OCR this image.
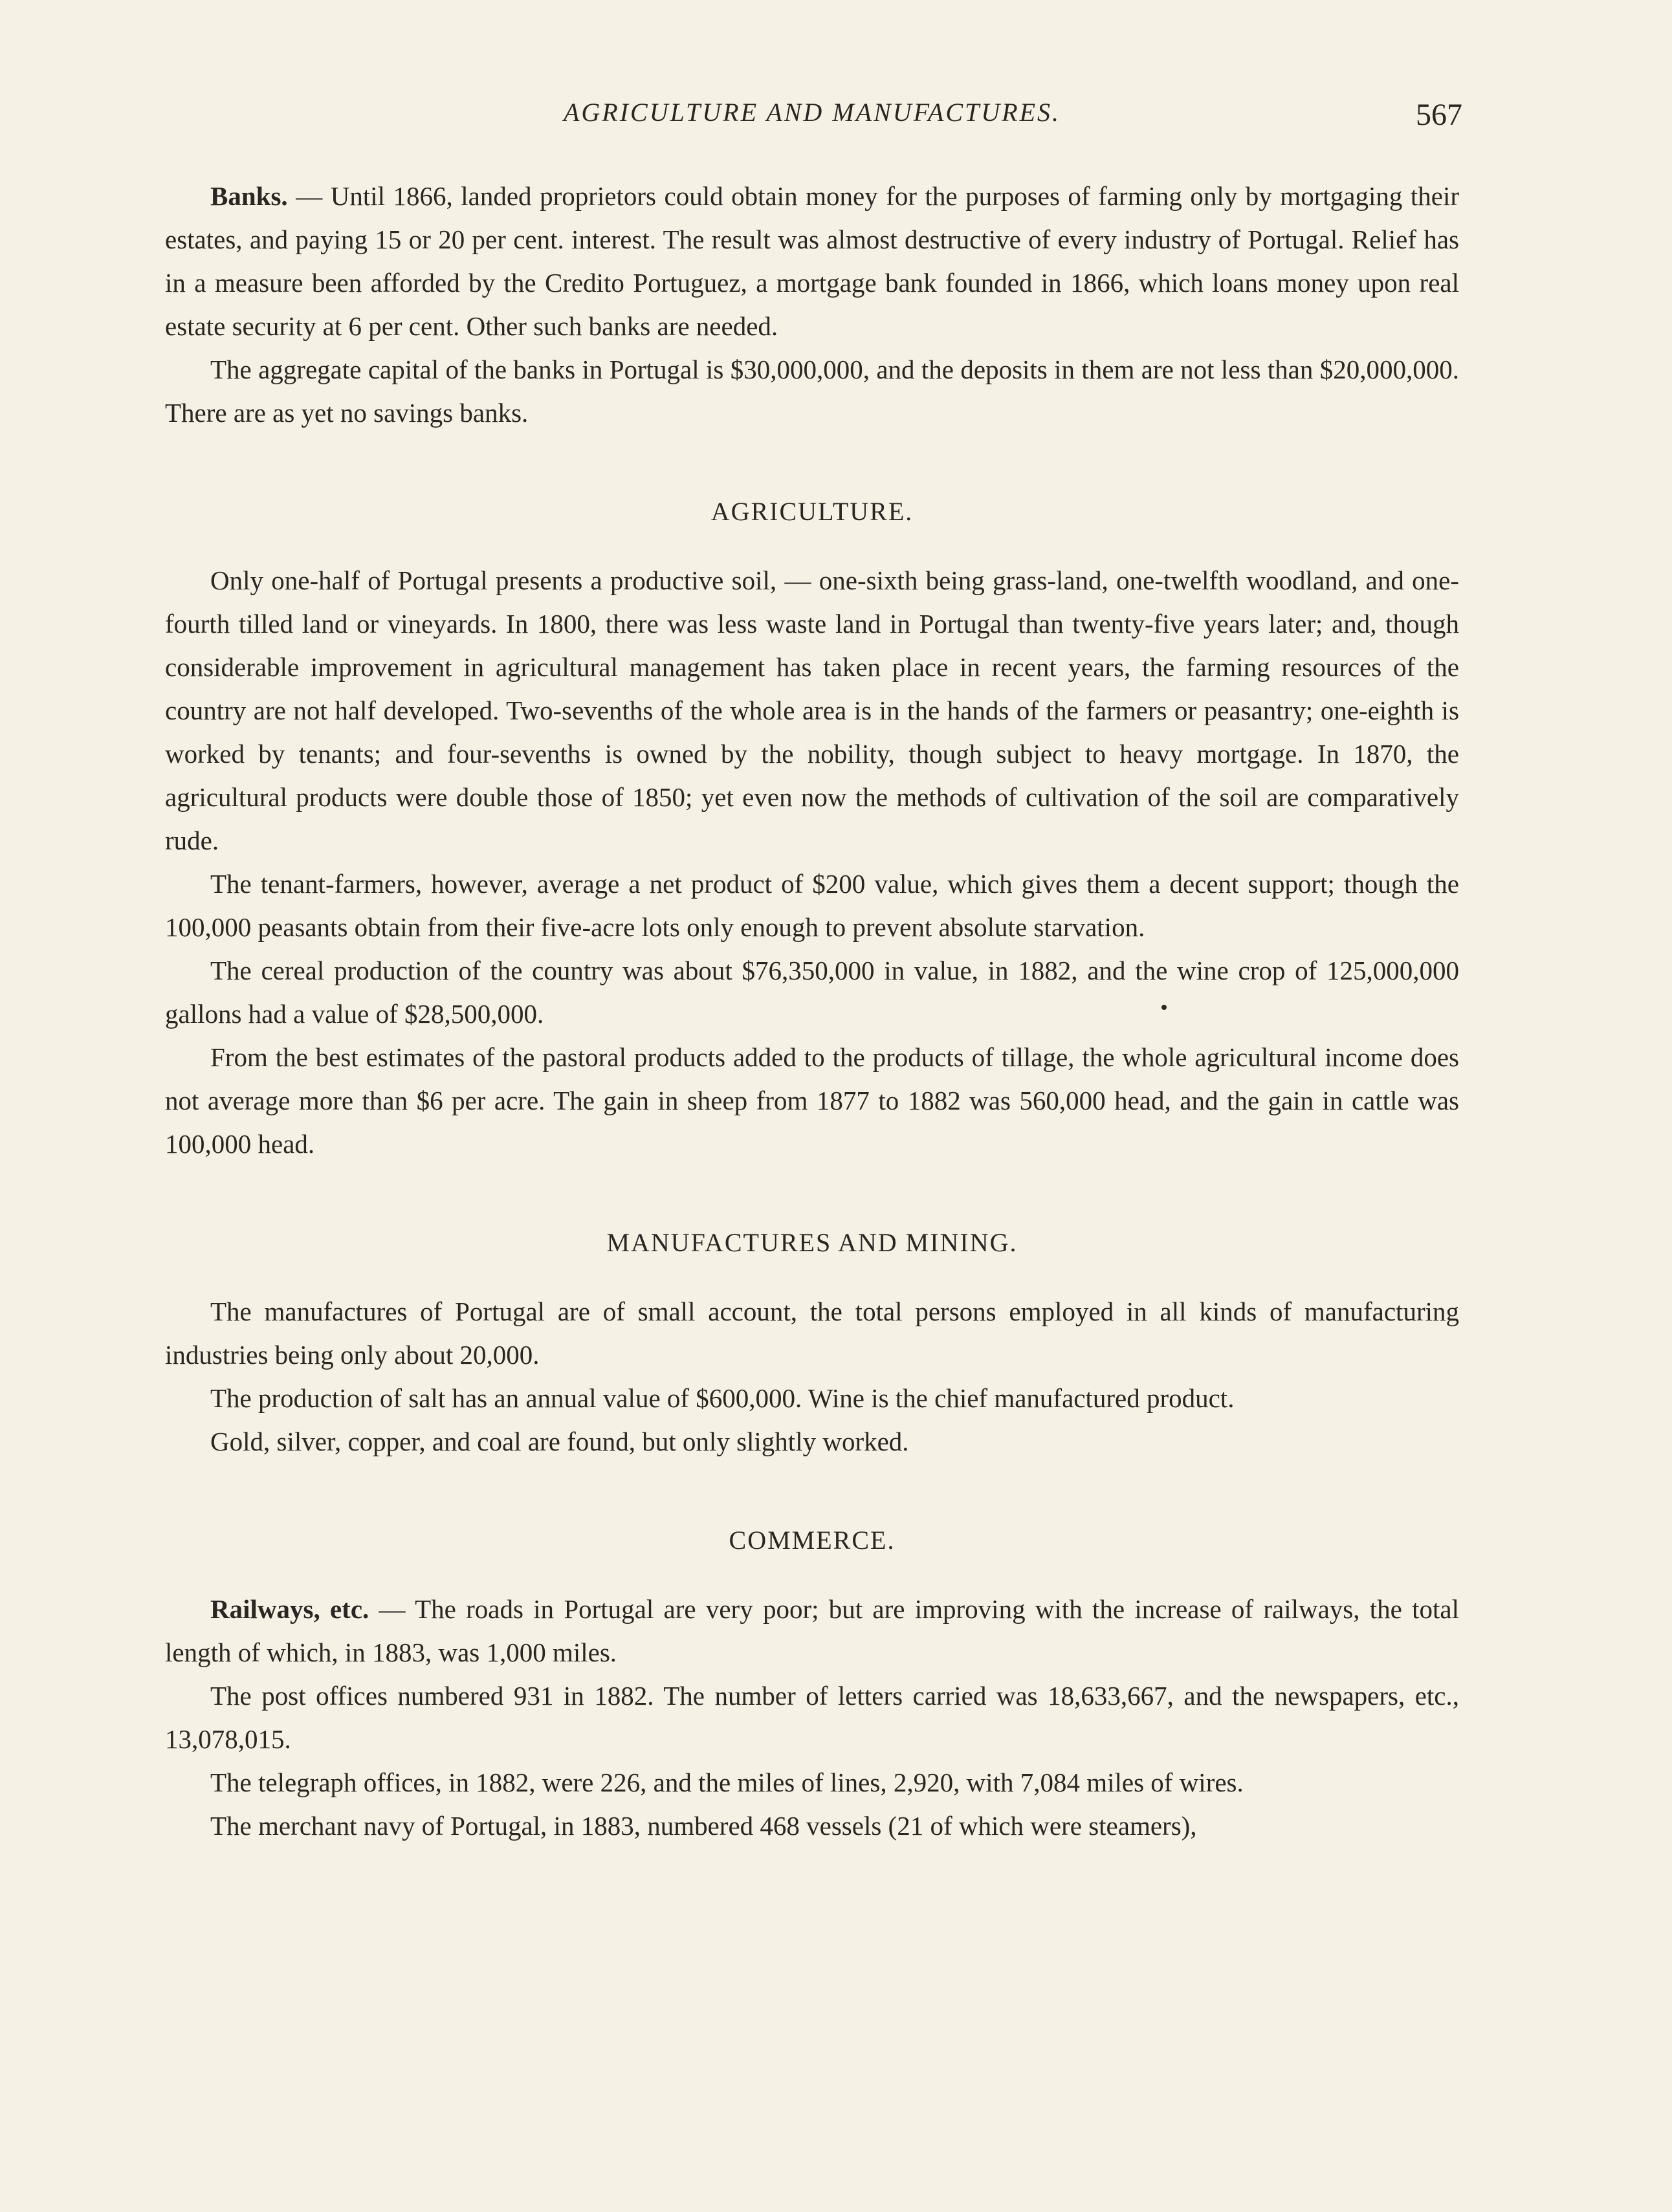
AGRICULTURE AND MANUFACTURES.	567

Banks. — Until 1866, landed proprietors could obtain money for the purposes of farming only by mortgaging their estates, and paying 15 or 20 per cent. interest. The result was almost destructive of every industry of Portugal. Relief has in a measure been afforded by the Credito Portuguez, a mortgage bank founded in 1866, which loans money upon real estate security at 6 per cent. Other such banks are needed.

The aggregate capital of the banks in Portugal is $30,000,000, and the deposits in them are not less than $20,000,000. There are as yet no savings banks.

AGRICULTURE.

Only one-half of Portugal presents a productive soil, — one-sixth being grass-land, one-twelfth woodland, and one-fourth tilled land or vineyards. In 1800, there was less waste land in Portugal than twenty-five years later; and, though considerable improvement in agricultural management has taken place in recent years, the farming resources of the country are not half developed. Two-sevenths of the whole area is in the hands of the farmers or peasantry; one-eighth is worked by tenants; and four-sevenths is owned by the nobility, though subject to heavy mortgage. In 1870, the agricultural products were double those of 1850; yet even now the methods of cultivation of the soil are comparatively rude.

The tenant-farmers, however, average a net product of $200 value, which gives them a decent support; though the 100,000 peasants obtain from their five-acre lots only enough to prevent absolute starvation.

The cereal production of the country was about $76,350,000 in value, in 1882, and the wine crop of 125,000,000 gallons had a value of $28,500,000.

From the best estimates of the pastoral products added to the products of tillage, the whole agricultural income does not average more than $6 per acre. The gain in sheep from 1877 to 1882 was 560,000 head, and the gain in cattle was 100,000 head.

MANUFACTURES AND MINING.

The manufactures of Portugal are of small account, the total persons employed in all kinds of manufacturing industries being only about 20,000.

The production of salt has an annual value of $600,000. Wine is the chief manufactured product.

Gold, silver, copper, and coal are found, but only slightly worked.

COMMERCE.

Railways, etc. — The roads in Portugal are very poor; but are improving with the increase of railways, the total length of which, in 1883, was 1,000 miles.

The post offices numbered 931 in 1882. The number of letters carried was 18,633,667, and the newspapers, etc., 13,078,015.

The telegraph offices, in 1882, were 226, and the miles of lines, 2,920, with 7,084 miles of wires.

The merchant navy of Portugal, in 1883, numbered 468 vessels (21 of which were steamers),
